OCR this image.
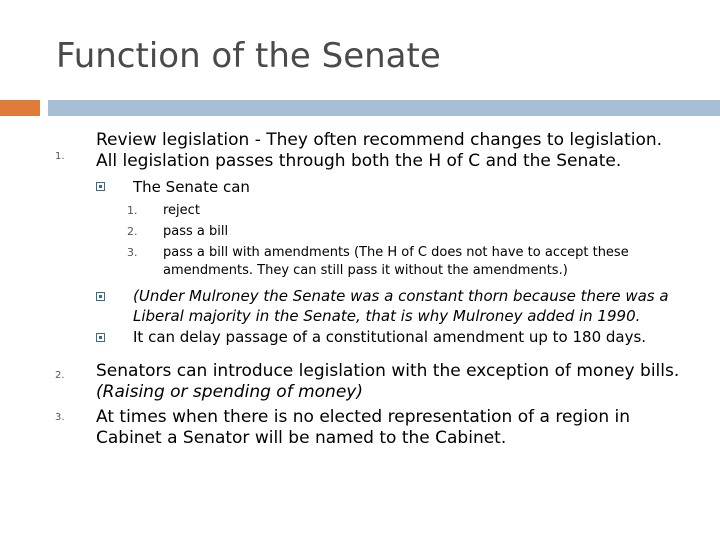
Function of the Senate
1.
Review legislation - They often recommend changes to legislation.
All legislation passes through both the H of C and the Senate.
The Senate can
1. reject
2. pass a bill
3. pass a bill with amendments (The H of C does not have to accept these
amendments. They can still pass it without the amendments.)
(Under Mulroney the Senate was a constant thorn because there was a
Liberal majority in the Senate, that is why Mulroney added in 1990.
It can delay passage of a constitutional amendment up to 180 days.
2. Senators can introduce legislation with the exception of money bills.
(Raising or spending of money)
3. At times when there is no elected representation of a region in
Cabinet a Senator will be named to the Cabinet.
